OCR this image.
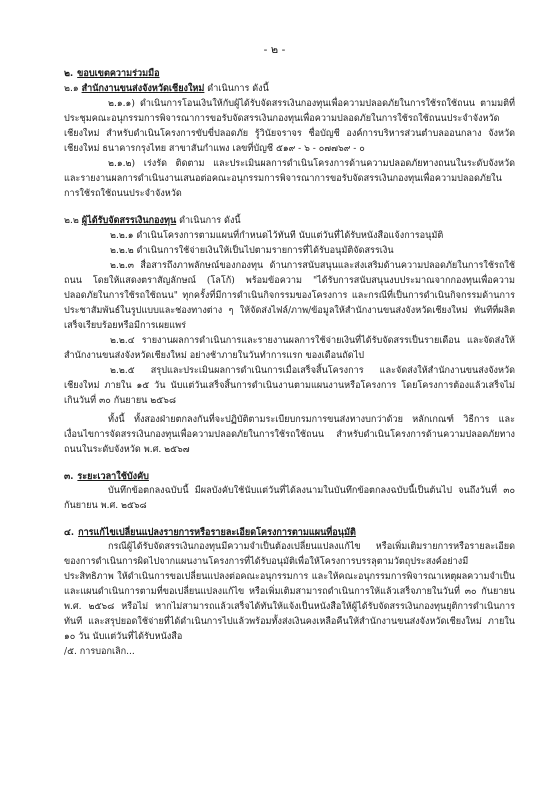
- ๒ -

๒. ขอบเขตความร่วมมือ

๒.๑ สำนักงานขนส่งจังหวัดเชียงใหม่ ดำเนินการ ดังนี้

๒.๑.๑) ดำเนินการโอนเงินให้กับผู้ได้รับจัดสรรเงินกองทุนเพื่อความปลอดภัยในการใช้รถใช้ถนน ตามมติที่ประชุมคณะอนุกรรมการพิจารณาการขอรับจัดสรรเงินกองทุนเพื่อความปลอดภัยในการใช้รถใช้ถนนประจำจังหวัดเชียงใหม่ สำหรับดำเนินโครงการขับขี่ปลอดภัย รู้วินัยจราจร ชื่อบัญชี องค์การบริหารส่วนตำบลออนกลาง จังหวัดเชียงใหม่ ธนาคารกรุงไทย สาขาสันกำแพง เลขที่บัญชี ๕๑๙ - ๖ - ๐๗๗๖๙ - ๐

๒.๑.๒) เร่งรัด ติดตาม และประเมินผลการดำเนินโครงการด้านความปลอดภัยทางถนนในระดับจังหวัด และรายงานผลการดำเนินงานเสนอต่อคณะอนุกรรมการพิจารณาการขอรับจัดสรรเงินกองทุนเพื่อความปลอดภัยในการใช้รถใช้ถนนประจำจังหวัด

๒.๒ ผู้ได้รับจัดสรรเงินกองทุน ดำเนินการ ดังนี้

๒.๒.๑ ดำเนินโครงการตามแผนที่กำหนดไว้ทันที นับแต่วันที่ได้รับหนังสือแจ้งการอนุมัติ

๒.๒.๒ ดำเนินการใช้จ่ายเงินให้เป็นไปตามรายการที่ได้รับอนุมัติจัดสรรเงิน

๒.๒.๓ สื่อสารถึงภาพลักษณ์ของกองทุน ด้านการสนับสนุนและส่งเสริมด้านความปลอดภัยในการใช้รถใช้ถนน โดยให้แสดงตราสัญลักษณ์ (โลโก้) พร้อมข้อความ "ได้รับการสนับสนุนงบประมาณจากกองทุนเพื่อความปลอดภัยในการใช้รถใช้ถนน" ทุกครั้งที่มีการดำเนินกิจกรรมของโครงการ และกรณีที่เป็นการดำเนินกิจกรรมด้านการประชาสัมพันธ์ในรูปแบบและช่องทางต่าง ๆ ให้จัดส่งไฟล์/ภาพ/ข้อมูลให้สำนักงานขนส่งจังหวัดเชียงใหม่ ทันทีที่ผลิตเสร็จเรียบร้อยหรือมีการเผยแพร่

๒.๒.๔ รายงานผลการดำเนินการและรายงานผลการใช้จ่ายเงินที่ได้รับจัดสรรเป็นรายเดือน และจัดส่งให้สำนักงานขนส่งจังหวัดเชียงใหม่ อย่างช้าภายในวันทำการแรก ของเดือนถัดไป

๒.๒.๕ สรุปและประเมินผลการดำเนินการเมื่อเสร็จสิ้นโครงการ และจัดส่งให้สำนักงานขนส่งจังหวัดเชียงใหม่ ภายใน ๑๕ วัน นับแต่วันเสร็จสิ้นการดำเนินงานตามแผนงานหรือโครงการ โดยโครงการต้องแล้วเสร็จไม่เกินวันที่ ๓๐ กันยายน ๒๕๖๘

ทั้งนี้ ทั้งสองฝ่ายตกลงกันที่จะปฏิบัติตามระเบียบกรมการขนส่งทางบกว่าด้วย หลักเกณฑ์ วิธีการ และเงื่อนไขการจัดสรรเงินกองทุนเพื่อความปลอดภัยในการใช้รถใช้ถนน สำหรับดำเนินโครงการด้านความปลอดภัยทางถนนในระดับจังหวัด พ.ศ. ๒๕๖๗

๓. ระยะเวลาใช้บังคับ

บันทึกข้อตกลงฉบับนี้ มีผลบังคับใช้นับแต่วันที่ได้ลงนามในบันทึกข้อตกลงฉบับนี้เป็นต้นไป จนถึงวันที่ ๓๐ กันยายน พ.ศ. ๒๕๖๘

๔. การแก้ไขเปลี่ยนแปลงรายการหรือรายละเอียดโครงการตามแผนที่อนุมัติ

กรณีผู้ได้รับจัดสรรเงินกองทุนมีความจำเป็นต้องเปลี่ยนแปลงแก้ไข หรือเพิ่มเติมรายการหรือรายละเอียดของการดำเนินการผิดไปจากแผนงานโครงการที่ได้รับอนุมัติเพื่อให้โครงการบรรลุตามวัตถุประสงค์อย่างมีประสิทธิภาพ ให้ดำเนินการขอเปลี่ยนแปลงต่อคณะอนุกรรมการ และให้คณะอนุกรรมการพิจารณาเหตุผลความจำเป็นและแผนดำเนินการตามที่ขอเปลี่ยนแปลงแก้ไข หรือเพิ่มเติมสามารถดำเนินการให้แล้วเสร็จภายในวันที่ ๓๐ กันยายน พ.ศ. ๒๕๖๘ หรือไม่ หากไม่สามารถแล้วเสร็จได้ทันให้แจ้งเป็นหนังสือให้ผู้ได้รับจัดสรรเงินกองทุนยุติการดำเนินการทันที และสรุปยอดใช้จ่ายที่ได้ดำเนินการไปแล้วพร้อมทั้งส่งเงินคงเหลือคืนให้สำนักงานขนส่งจังหวัดเชียงใหม่ ภายใน ๑๐ วัน นับแต่วันที่ได้รับหนังสือ

/๕. การบอกเลิก...
